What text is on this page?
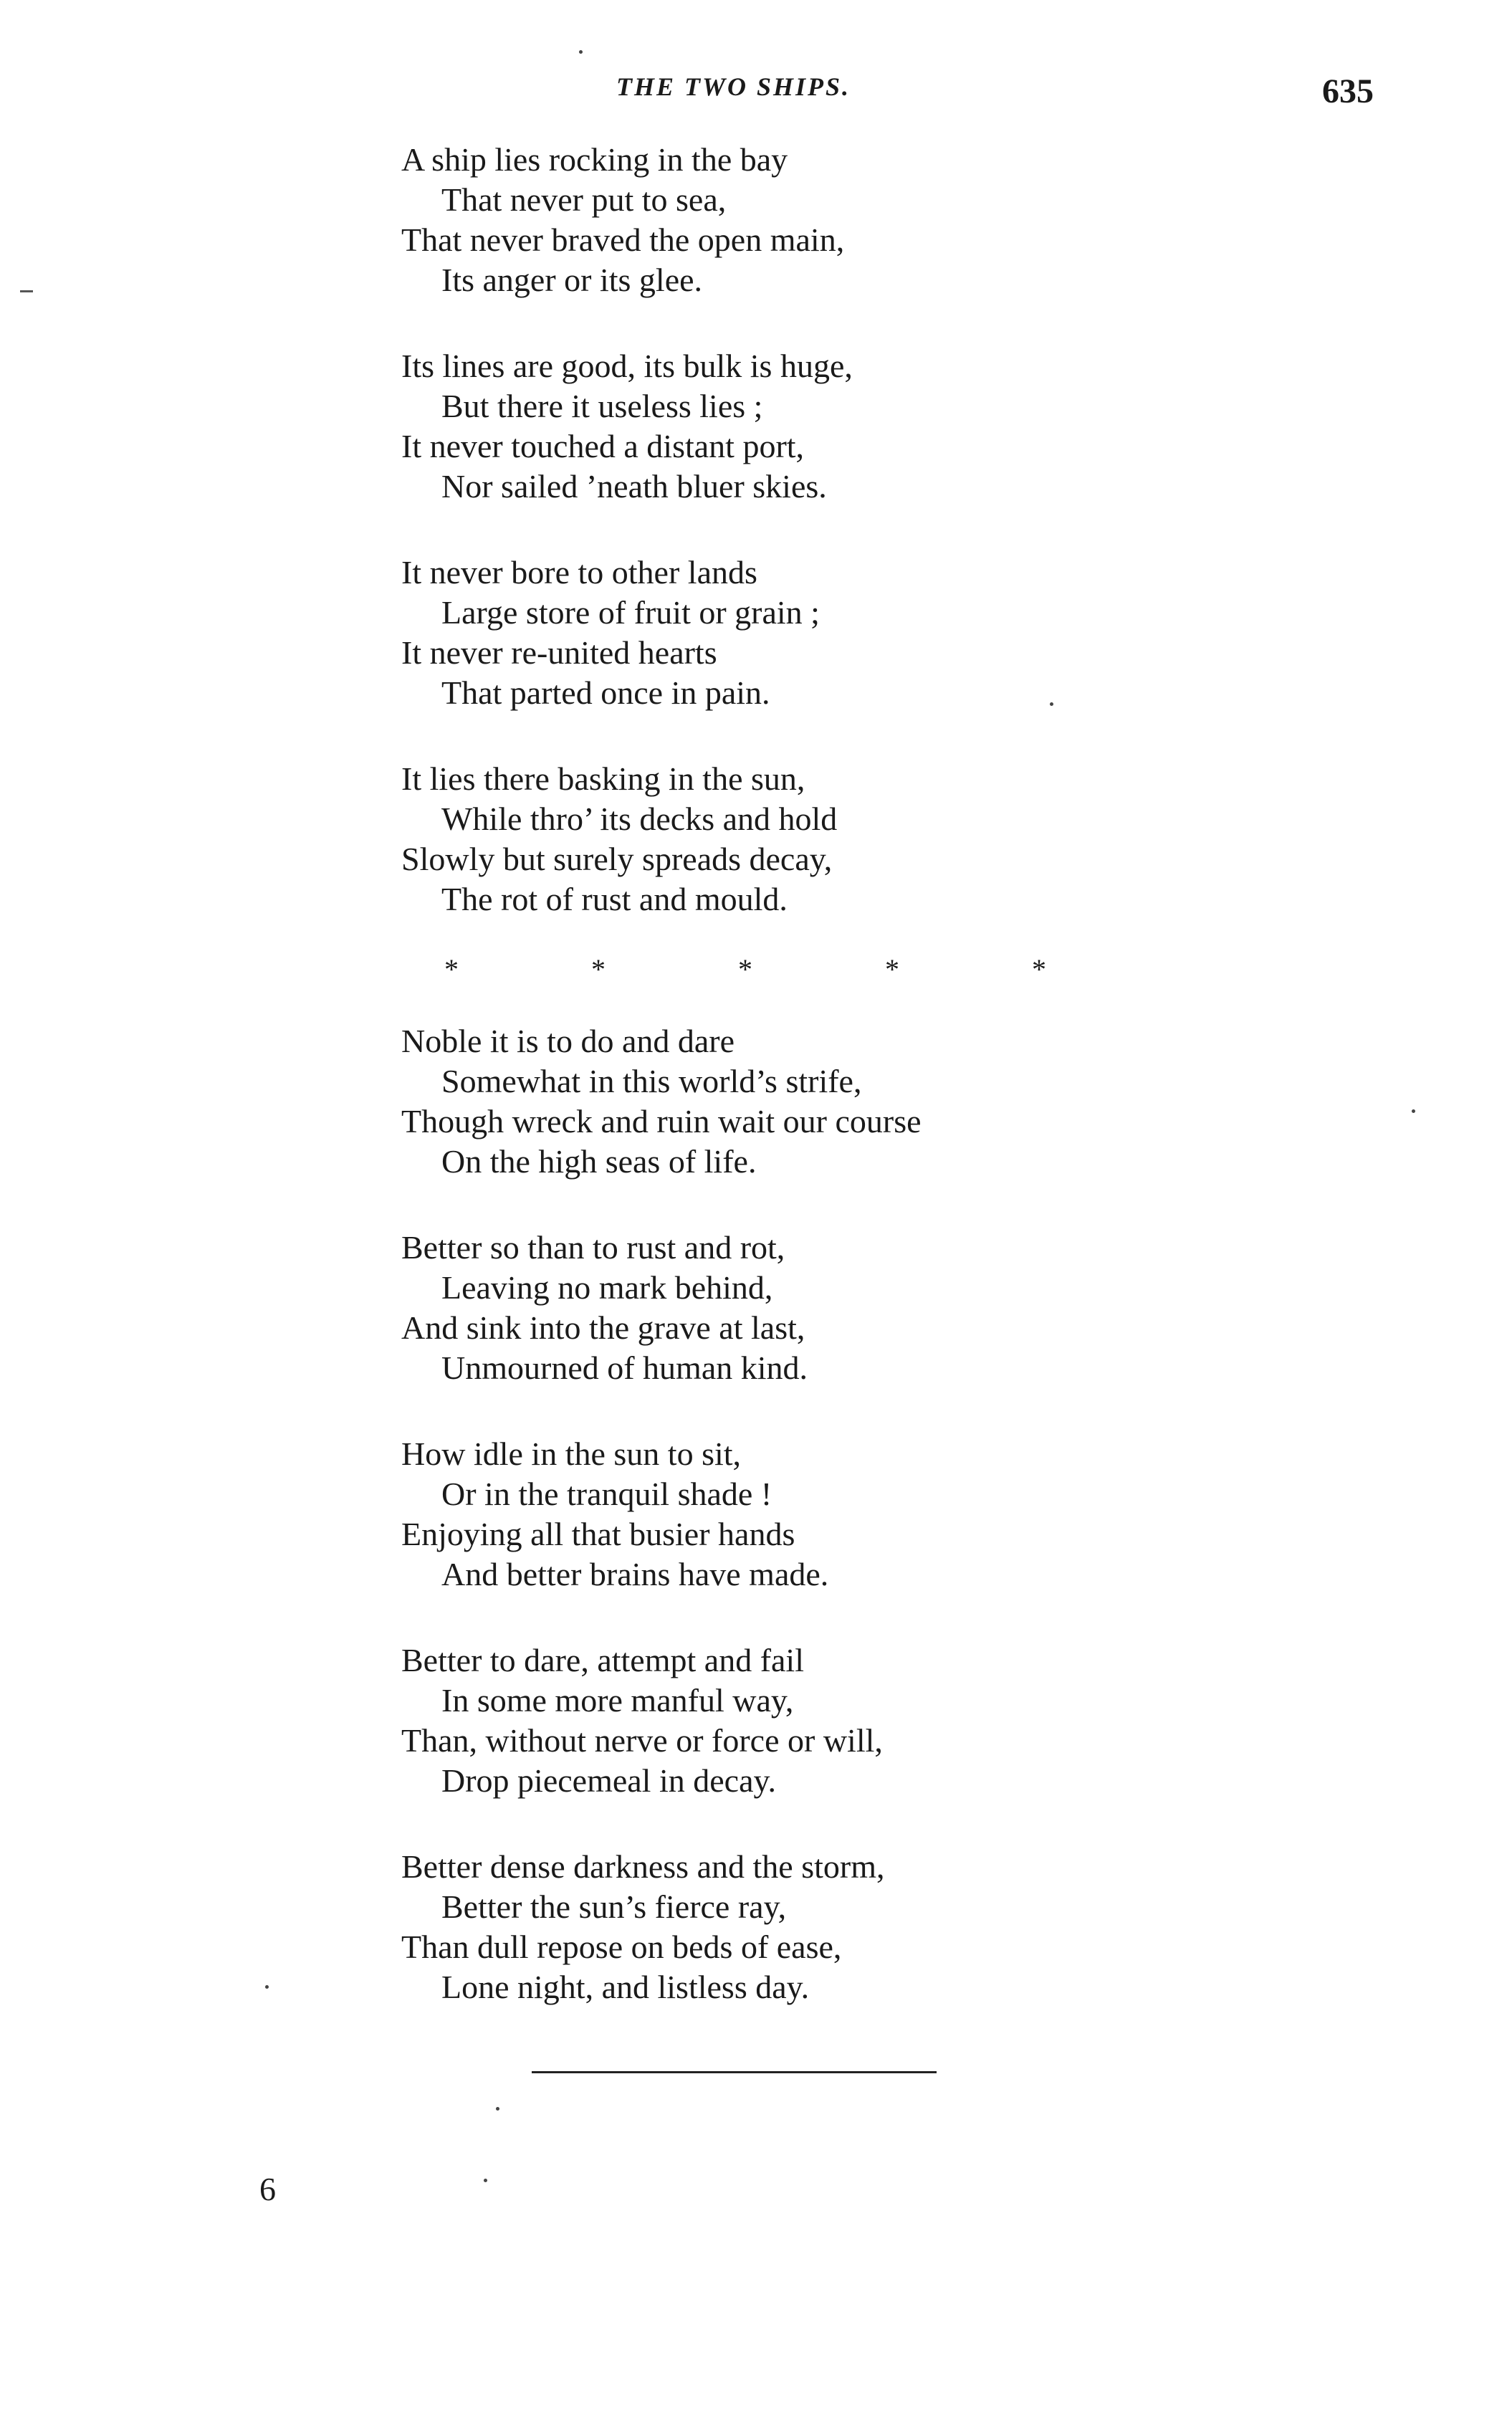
THE TWO SHIPS.	635
A ship lies rocking in the bay
That never put to sea,
That never braved the open main,
Its anger or its glee.
Its lines are good, its bulk is huge,
But there it useless lies ;
It never touched a distant port,
Nor sailed ’neath bluer skies.
It never bore to other lands
Large store of fruit or grain ;
It never re-united hearts
That parted once in pain.
It lies there basking in the sun,
While thro’ its decks and hold
Slowly but surely spreads decay,
The rot of rust and mould.
*	*	*	*	*
Noble it is to do and dare
Somewhat in this world’s strife,
Though wreck and ruin wait our course
On the high seas of life.
Better so than to rust and rot,
Leaving no mark behind,
And sink into the grave at last,
Unmourned of human kind.
How idle in the sun to sit,
Or in the tranquil shade !
Enjoying all that busier hands
And better brains have made.
Better to dare, attempt and fail
In some more manful way,
Than, without nerve or force or will,
Drop piecemeal in decay.
Better dense darkness and the storm,
Better the sun’s fierce ray,
Than dull repose on beds of ease,
Lone night, and listless day.
6
